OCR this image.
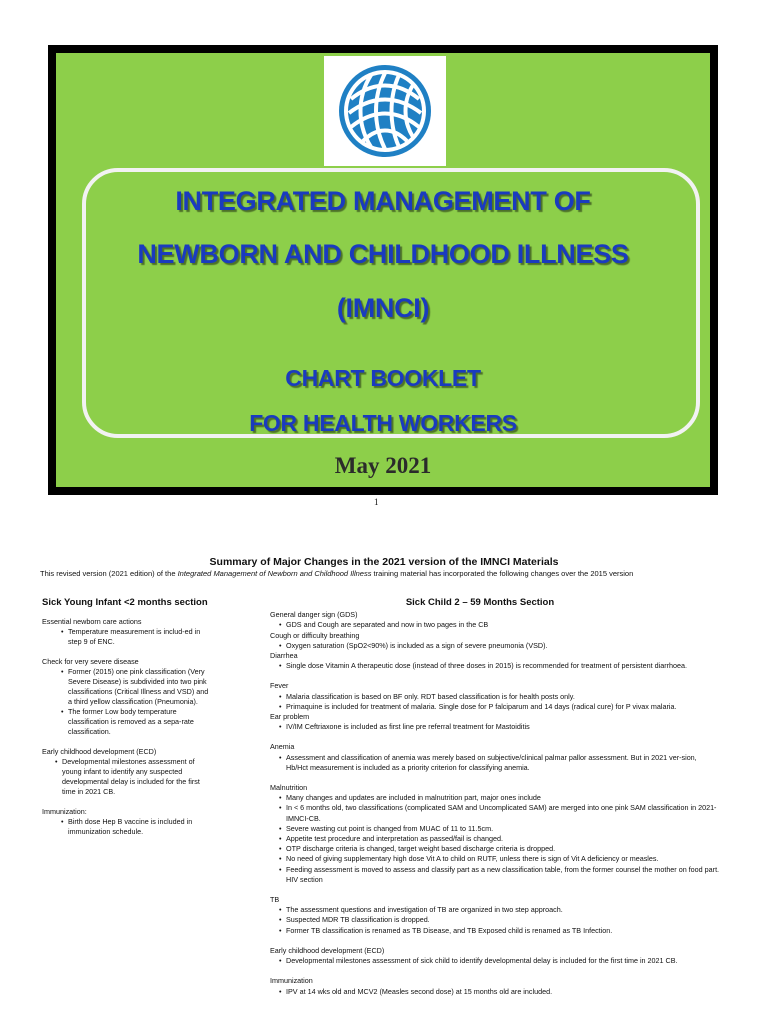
INTEGRATED MANAGEMENT OF
NEWBORN AND CHILDHOOD ILLNESS
(IMNCI)
CHART BOOKLET
FOR HEALTH WORKERS
May 2021
1
Summary of Major Changes in the 2021 version of the IMNCI Materials
This revised version (2021 edition) of the Integrated Management of Newborn and Childhood Illness training material has incorporated the following changes over the 2015 version
Sick Young Infant <2 months section
Essential newborn care actions
• Temperature measurement is includ-ed in step 9 of ENC.
Check for very severe disease
• Former (2015) one pink classification (Very Severe Disease) is subdivided into two pink classifications (Critical Illness and VSD) and a third yellow classification (Pneumonia).
• The former Low body temperature classification is removed as a sepa-rate classification.
Early childhood development (ECD)
• Developmental milestones assessment of young infant to identify any suspected developmental delay is included for the first time in 2021 CB.
Immunization:
• Birth dose Hep B vaccine is included in immunization schedule.
Sick Child 2 – 59 Months Section
General danger sign (GDS)
• GDS and Cough are separated and now in two pages in the CB
Cough or difficulty breathing
• Oxygen saturation (SpO2<90%) is included as a sign of severe pneumonia (VSD).
Diarrhea
• Single dose Vitamin A therapeutic dose (instead of three doses in 2015) is recommended for treatment of persistent diarrhoea.
Fever
• Malaria classification is based on BF only. RDT based classification is for health posts only.
• Primaquine is included for treatment of malaria. Single dose for P falciparum and 14 days (radical cure) for P vivax malaria.
Ear problem
• IV/IM Ceftriaxone is included as first line pre referral treatment for Mastoiditis
Anemia
• Assessment and classification of anemia was merely based on subjective/clinical palmar pallor assessment. But in 2021 ver-sion, Hb/Hct measurement is included as a priority criterion for classifying anemia.
Malnutrition
• Many changes and updates are included in malnutrition part, major ones include
• In < 6 months old, two classifications (complicated SAM and Uncomplicated SAM) are merged into one pink SAM classification in 2021-IMNCI-CB.
• Severe wasting cut point is changed from MUAC of 11 to 11.5cm.
• Appetite test procedure and interpretation as passed/fail is changed.
• OTP discharge criteria is changed, target weight based discharge criteria is dropped.
• No need of giving supplementary high dose Vit A to child on RUTF, unless there is sign of Vit A deficiency or measles.
• Feeding assessment is moved to assess and classify part as a new classification table, from the former counsel the mother on food part. HIV section
TB
• The assessment questions and investigation of TB are organized in two step approach.
• Suspected MDR TB classification is dropped.
• Former TB classification is renamed as TB Disease, and TB Exposed child is renamed as TB Infection.
Early childhood development (ECD)
• Developmental milestones assessment of sick child to identify developmental delay is included for the first time in 2021 CB.
Immunization
• IPV at 14 wks old and MCV2 (Measles second dose) at 15 months old are included.
